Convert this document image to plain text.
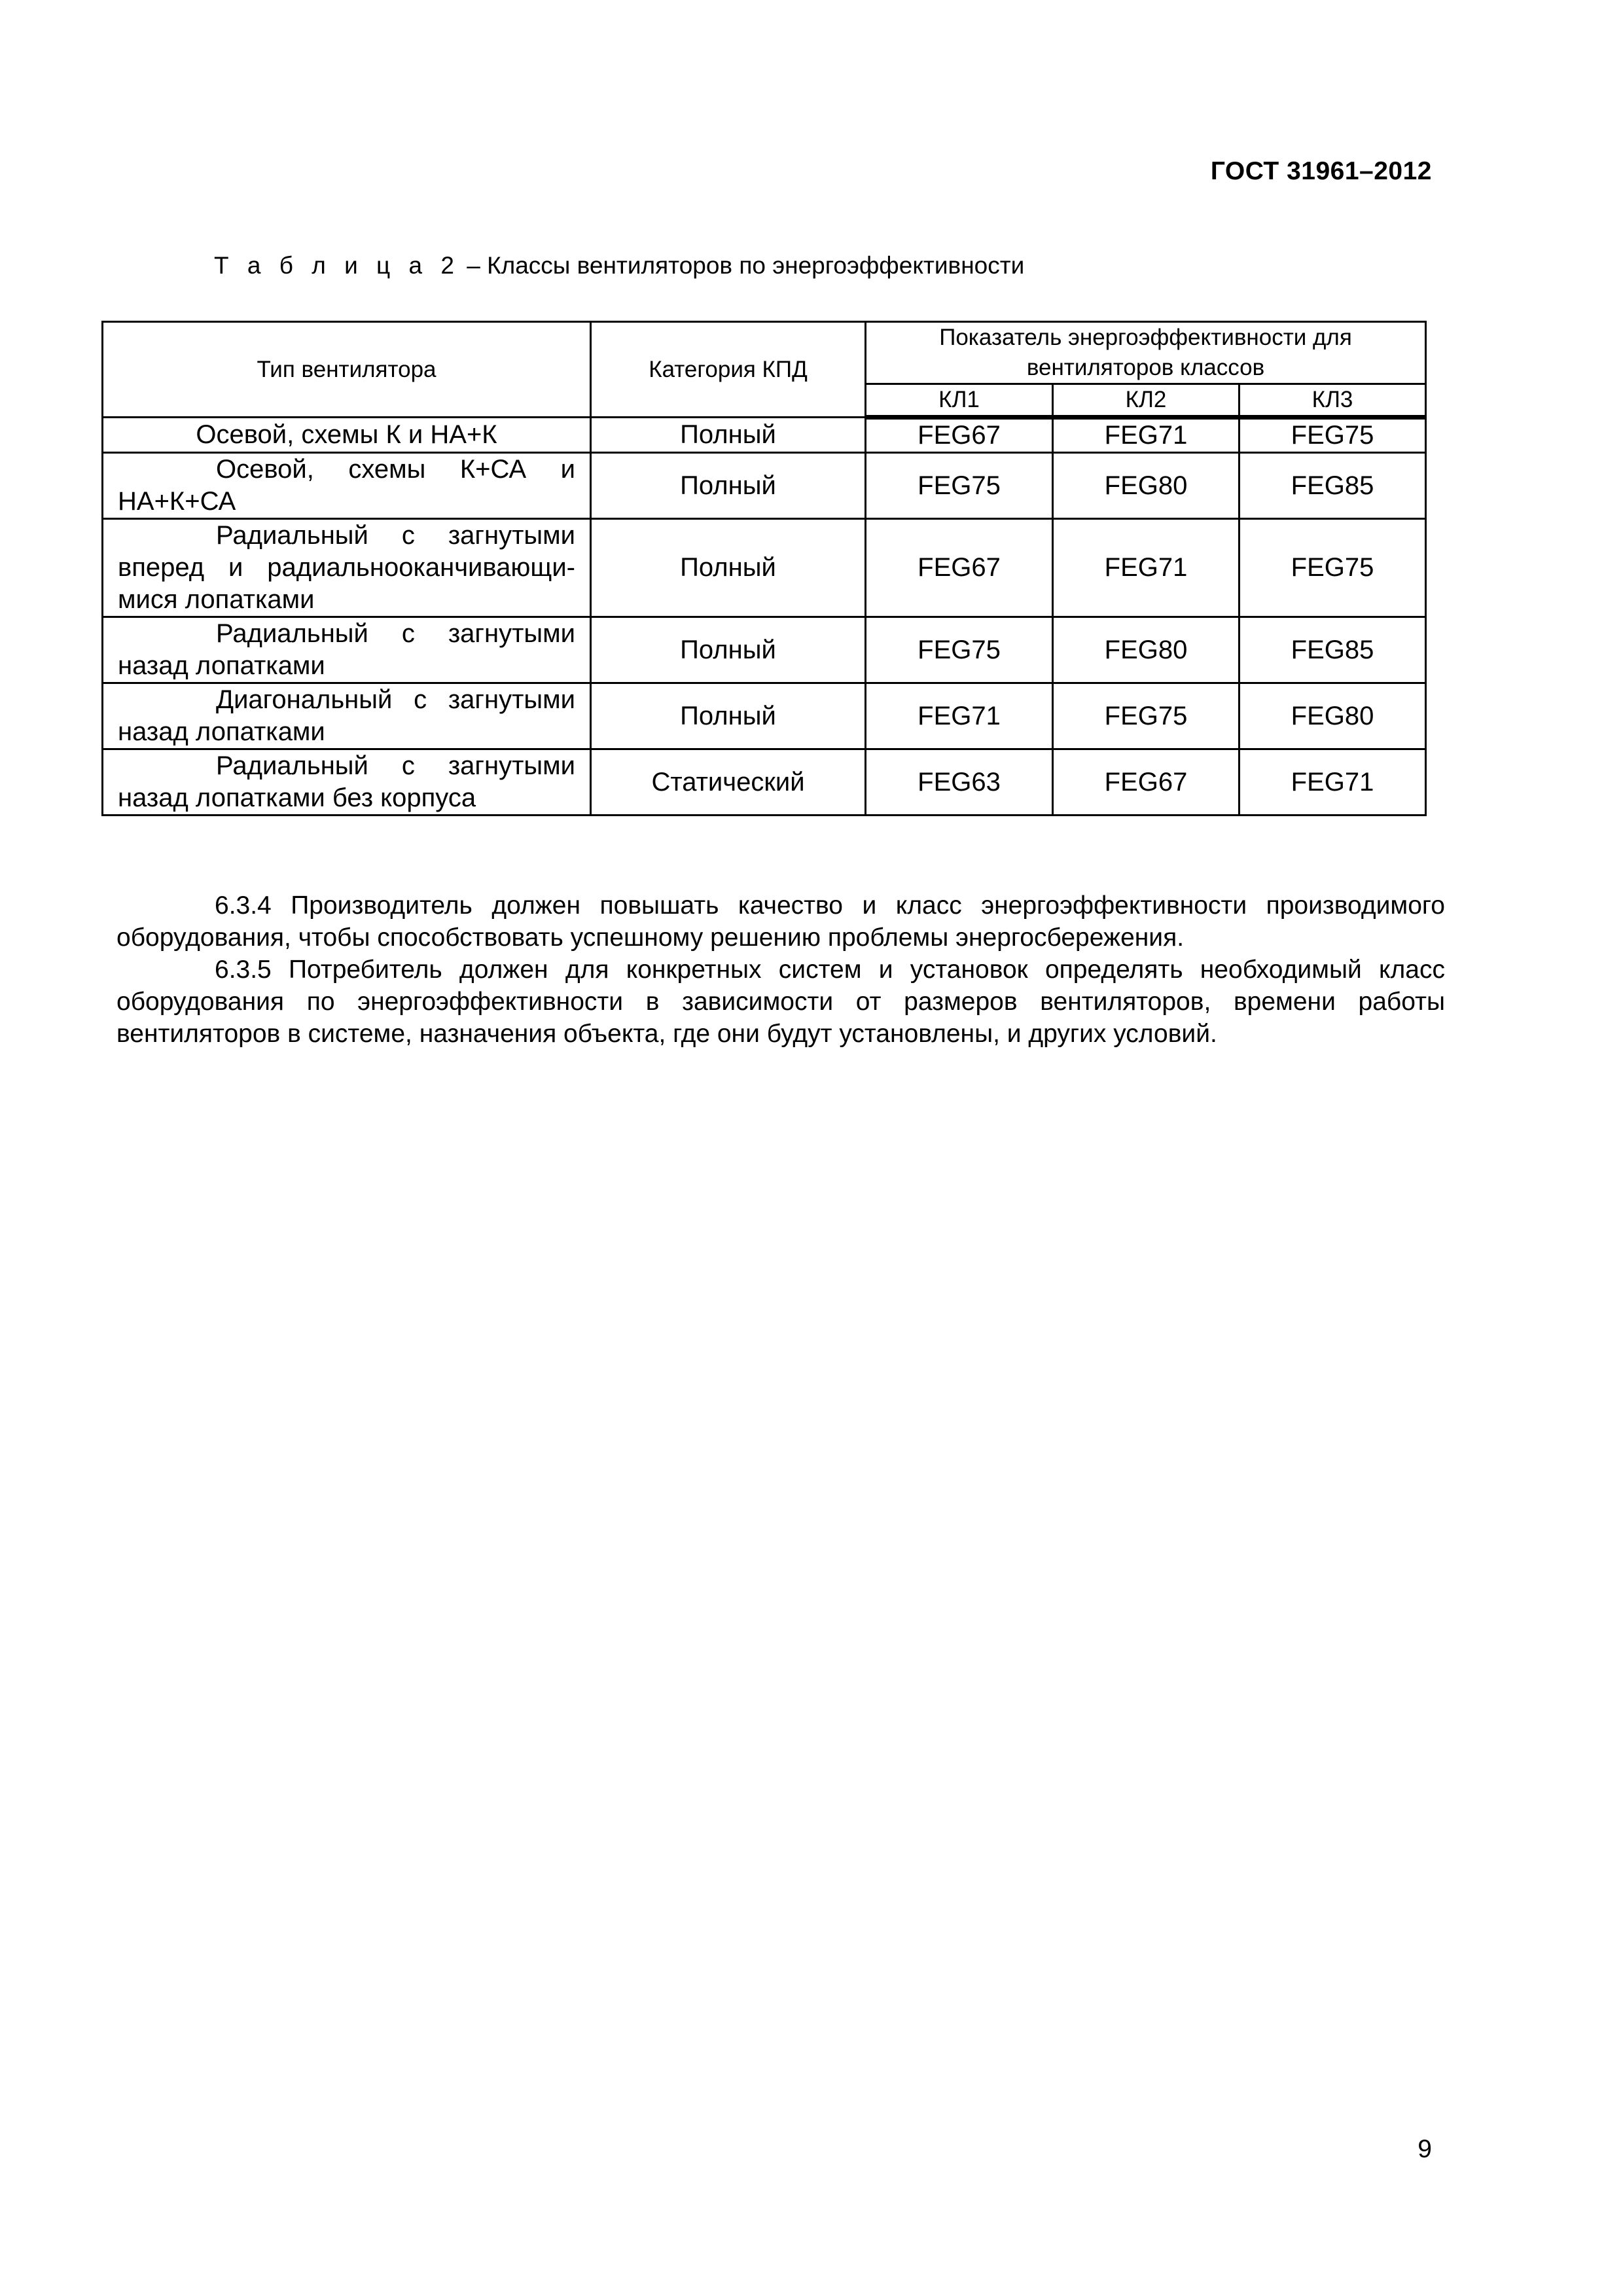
ГОСТ 31961–2012
Т а б л и ц а 2 – Классы вентиляторов по энергоэффективности
Тип вентилятора	Категория КПД	Показатель энергоэффективности для вентиляторов классов		
		КЛ1	КЛ2	КЛ3
Осевой, схемы К и НА+К	Полный	FEG67	FEG71	FEG75
Осевой, схемы К+СА и НА+К+СА	Полный	FEG75	FEG80	FEG85
Радиальный с загнутыми вперед и радиальнооканчивающи-мися лопатками	Полный	FEG67	FEG71	FEG75
Радиальный с загнутыми назад лопатками	Полный	FEG75	FEG80	FEG85
Диагональный с загнутыми назад лопатками	Полный	FEG71	FEG75	FEG80
Радиальный с загнутыми назад лопатками без корпуса	Статический	FEG63	FEG67	FEG71

6.3.4 Производитель должен повышать качество и класс энергоэффективности производимого оборудования, чтобы способствовать успешному решению проблемы энергосбережения.

6.3.5 Потребитель должен для конкретных систем и установок определять необходимый класс оборудования по энергоэффективности в зависимости от размеров вентиляторов, времени работы вентиляторов в системе, назначения объекта, где они будут установлены, и других условий.

9
